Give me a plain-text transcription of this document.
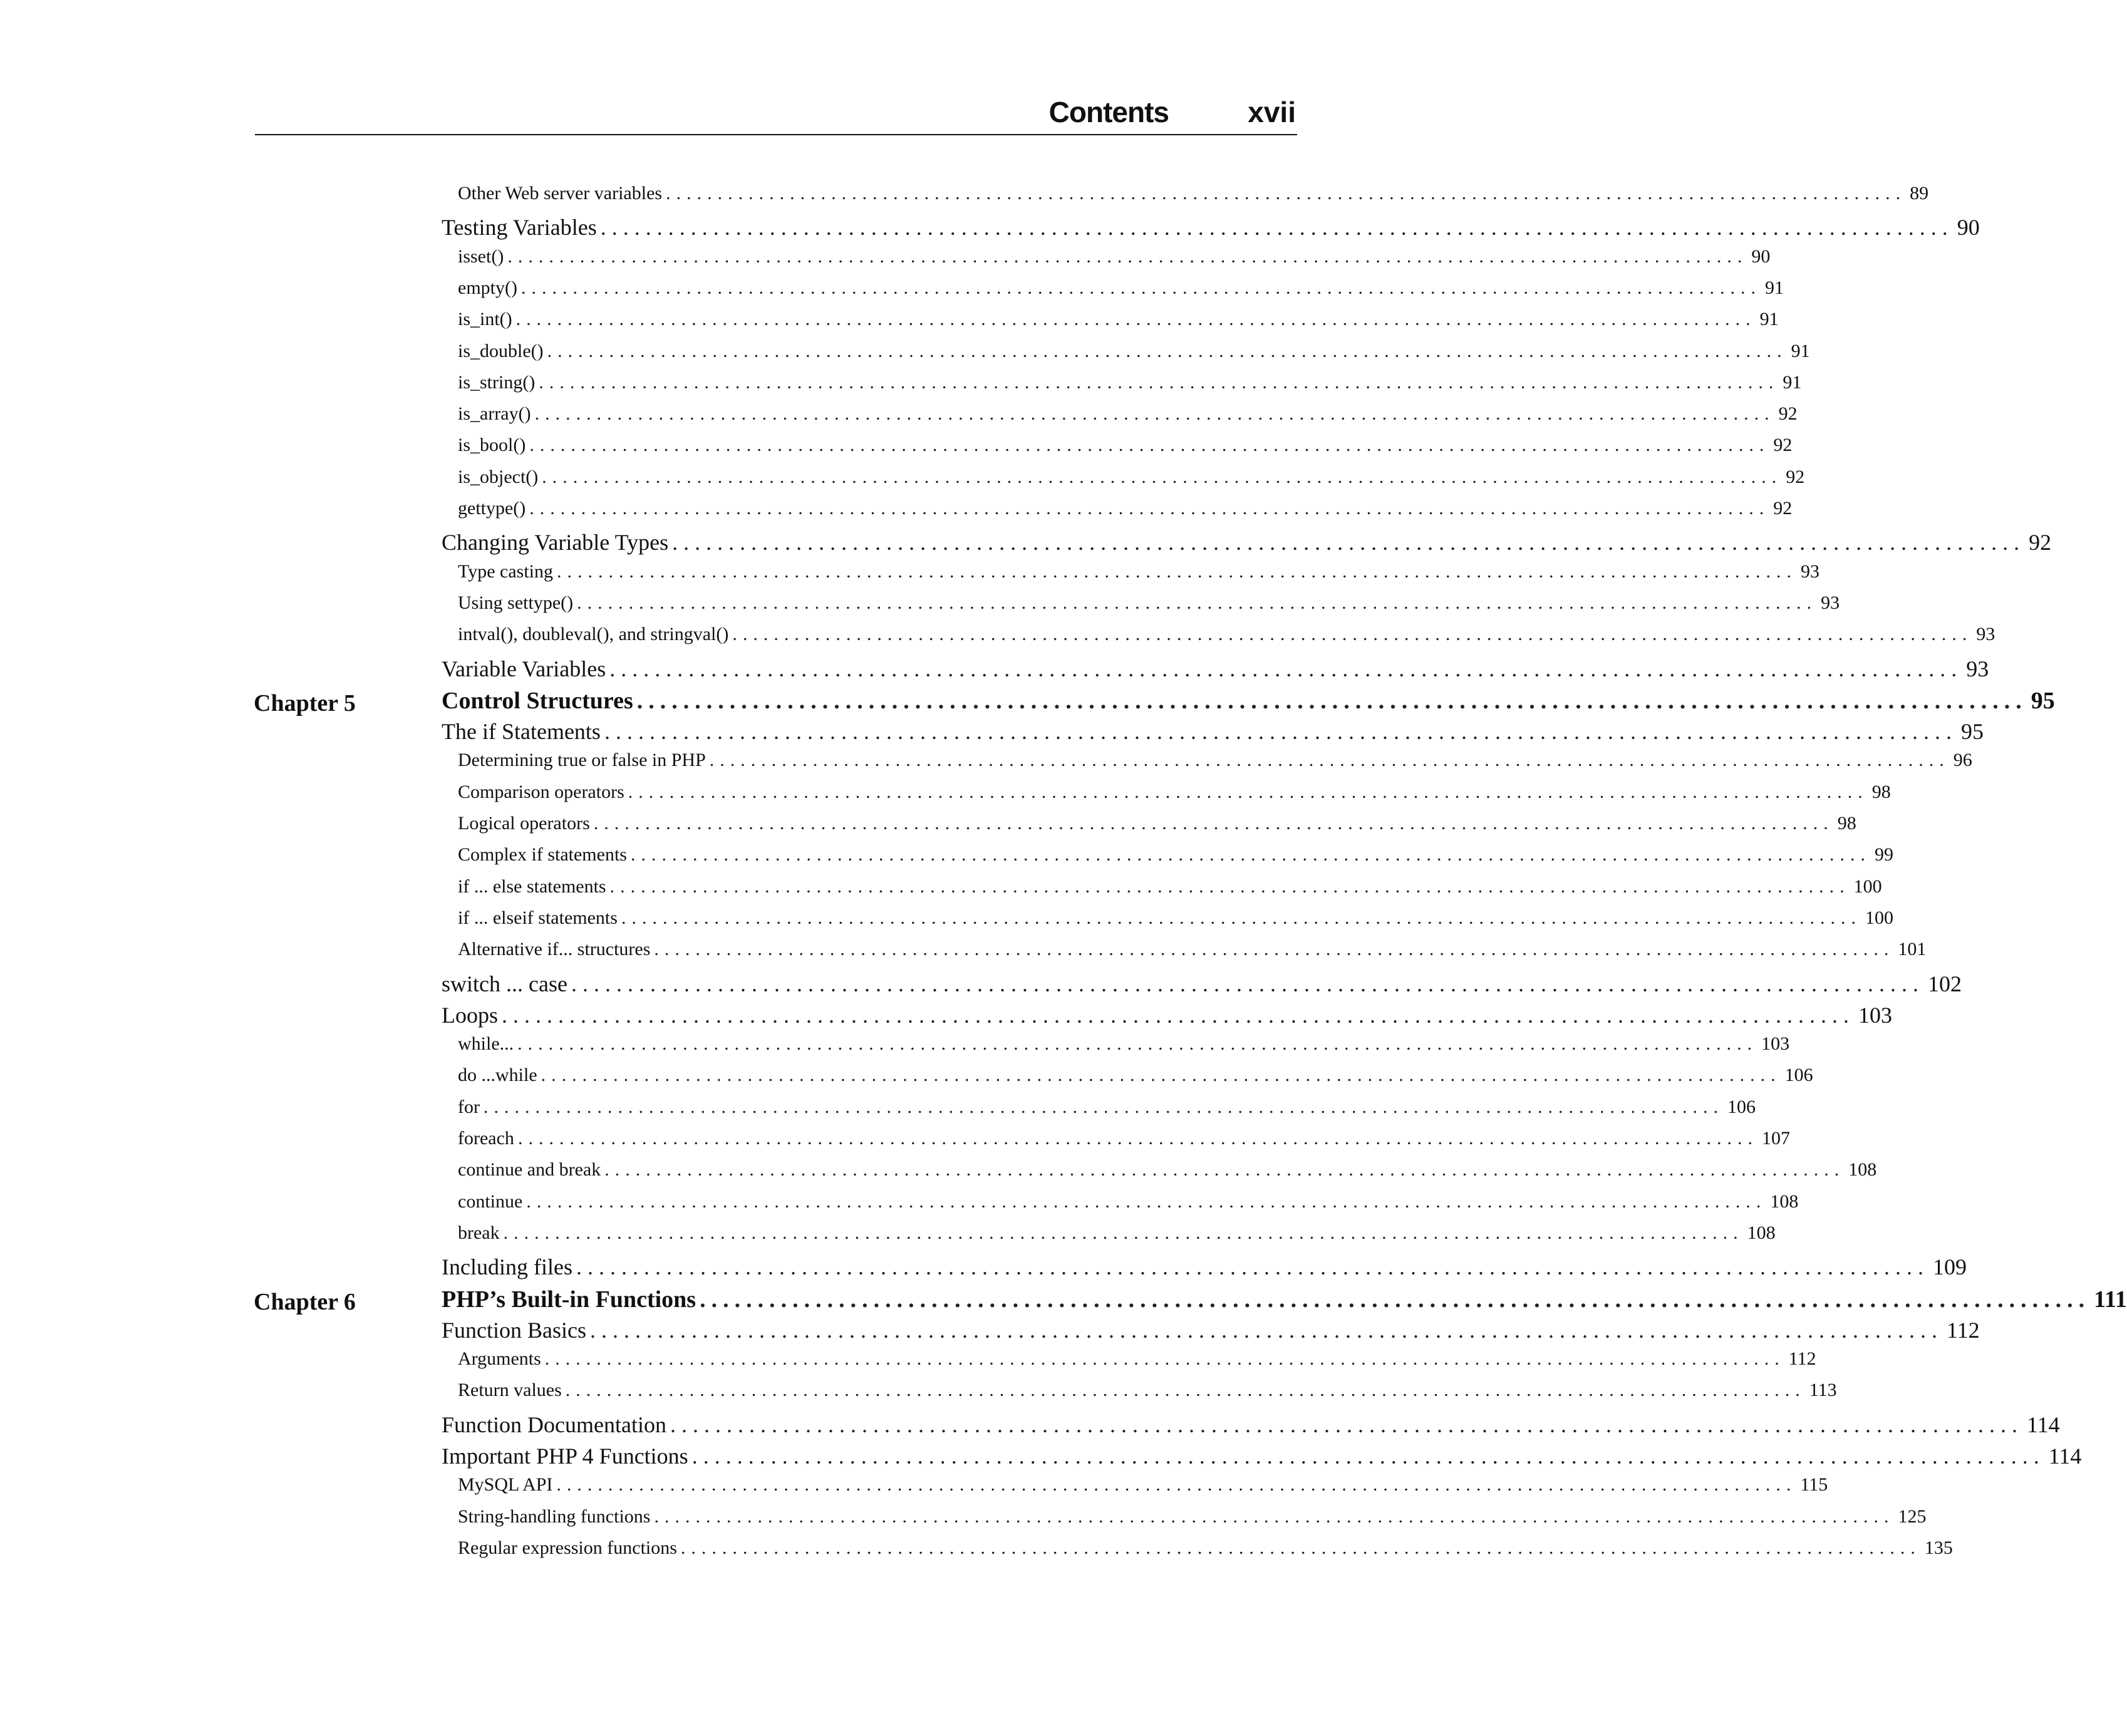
Contents	xvii
Other Web server variables ........................................................................................................................ 89
Testing Variables ........................................................................................................................ 90
isset() ........................................................................................................................ 90
empty() ........................................................................................................................ 91
is_int() ........................................................................................................................ 91
is_double() ........................................................................................................................ 91
is_string() ........................................................................................................................ 91
is_array() ........................................................................................................................ 92
is_bool() ........................................................................................................................ 92
is_object() ........................................................................................................................ 92
gettype() ........................................................................................................................ 92
Changing Variable Types ........................................................................................................................ 92
Type casting ........................................................................................................................ 93
Using settype() ........................................................................................................................ 93
intval(), doubleval(), and stringval() ........................................................................................................................ 93
Variable Variables ........................................................................................................................ 93
Chapter 5	Control Structures ........................................................................................................................ 95
The if Statements ........................................................................................................................ 95
Determining true or false in PHP ........................................................................................................................ 96
Comparison operators ........................................................................................................................ 98
Logical operators ........................................................................................................................ 98
Complex if statements ........................................................................................................................ 99
if ... else statements ........................................................................................................................ 100
if ... elseif statements ........................................................................................................................ 100
Alternative if... structures ........................................................................................................................ 101
switch ... case ........................................................................................................................ 102
Loops ........................................................................................................................ 103
while... ........................................................................................................................ 103
do ...while ........................................................................................................................ 106
for ........................................................................................................................ 106
foreach ........................................................................................................................ 107
continue and break ........................................................................................................................ 108
continue ........................................................................................................................ 108
break ........................................................................................................................ 108
Including files ........................................................................................................................ 109
Chapter 6	PHP’s Built-in Functions ........................................................................................................................ 111
Function Basics ........................................................................................................................ 112
Arguments ........................................................................................................................ 112
Return values ........................................................................................................................ 113
Function Documentation ........................................................................................................................ 114
Important PHP 4 Functions ........................................................................................................................ 114
MySQL API ........................................................................................................................ 115
String-handling functions ........................................................................................................................ 125
Regular expression functions ........................................................................................................................ 135
